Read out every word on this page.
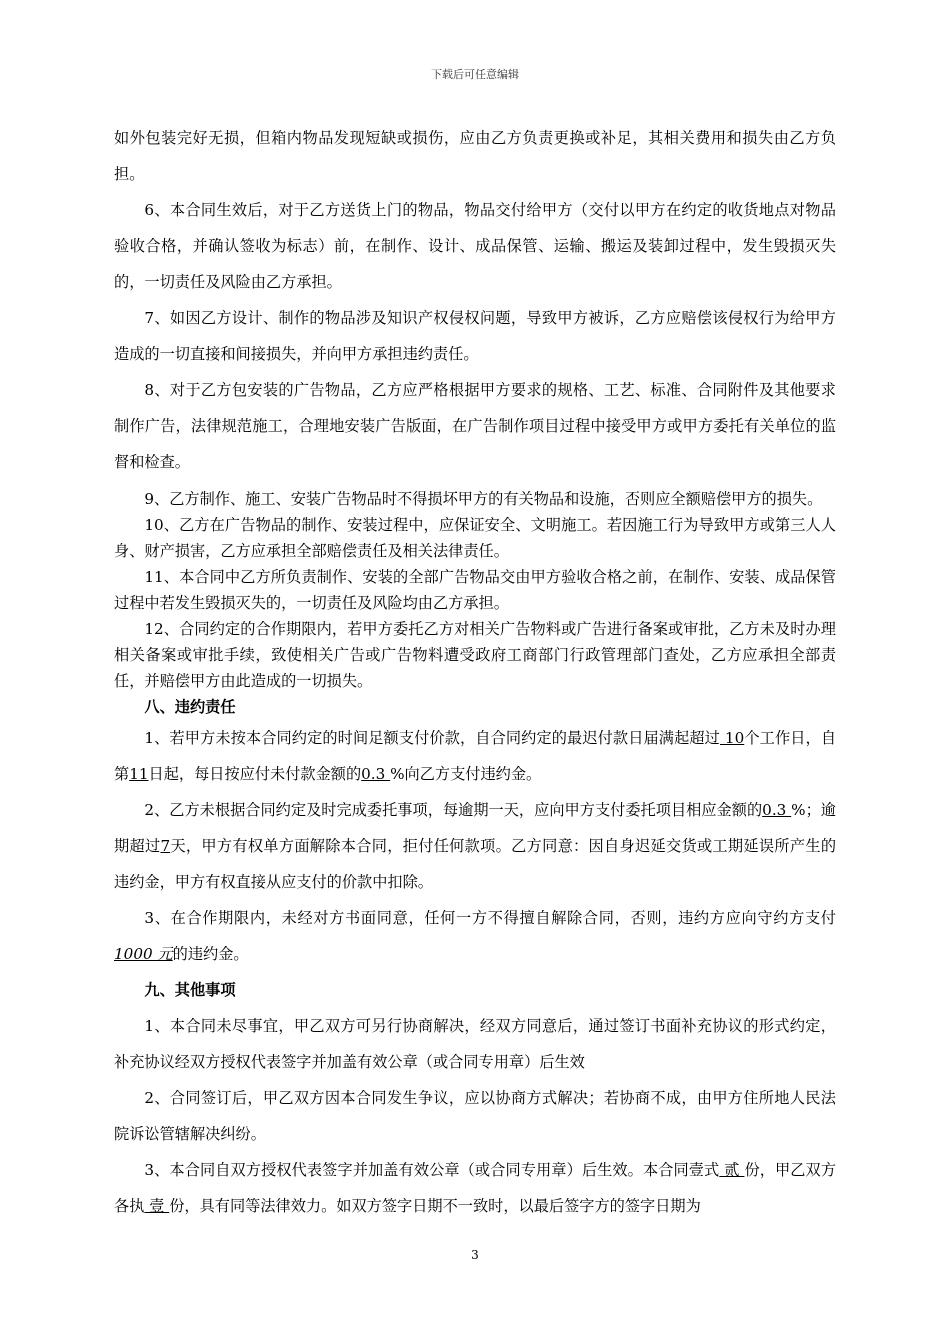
下载后可任意编辑

如外包装完好无损，但箱内物品发现短缺或损伤，应由乙方负责更换或补足，其相关费用和损失由乙方负担。

6、本合同生效后，对于乙方送货上门的物品，物品交付给甲方（交付以甲方在约定的收货地点对物品验收合格，并确认签收为标志）前，在制作、设计、成品保管、运输、搬运及装卸过程中，发生毁损灭失的，一切责任及风险由乙方承担。

7、如因乙方设计、制作的物品涉及知识产权侵权问题，导致甲方被诉，乙方应赔偿该侵权行为给甲方造成的一切直接和间接损失，并向甲方承担违约责任。

8、对于乙方包安装的广告物品，乙方应严格根据甲方要求的规格、工艺、标准、合同附件及其他要求制作广告，法律规范施工，合理地安装广告版面，在广告制作项目过程中接受甲方或甲方委托有关单位的监督和检查。

9、乙方制作、施工、安装广告物品时不得损坏甲方的有关物品和设施，否则应全额赔偿甲方的损失。

10、乙方在广告物品的制作、安装过程中，应保证安全、文明施工。若因施工行为导致甲方或第三人人身、财产损害，乙方应承担全部赔偿责任及相关法律责任。

11、本合同中乙方所负责制作、安装的全部广告物品交由甲方验收合格之前，在制作、安装、成品保管过程中若发生毁损灭失的，一切责任及风险均由乙方承担。

12、合同约定的合作期限内，若甲方委托乙方对相关广告物料或广告进行备案或审批，乙方未及时办理相关备案或审批手续，致使相关广告或广告物料遭受政府工商部门行政管理部门查处，乙方应承担全部责任，并赔偿甲方由此造成的一切损失。

八、违约责任

1、若甲方未按本合同约定的时间足额支付价款，自合同约定的最迟付款日届满起超过 10个工作日，自第11日起，每日按应付未付款金额的0.3 %向乙方支付违约金。

2、乙方未根据合同约定及时完成委托事项，每逾期一天，应向甲方支付委托项目相应金额的0.3 %；逾期超过7天，甲方有权单方面解除本合同，拒付任何款项。乙方同意：因自身迟延交货或工期延误所产生的违约金，甲方有权直接从应支付的价款中扣除。

3、在合作期限内，未经对方书面同意，任何一方不得擅自解除合同，否则，违约方应向守约方支付 1000 元的违约金。

九、其他事项

1、本合同未尽事宜，甲乙双方可另行协商解决，经双方同意后，通过签订书面补充协议的形式约定，补充协议经双方授权代表签字并加盖有效公章（或合同专用章）后生效

2、合同签订后，甲乙双方因本合同发生争议，应以协商方式解决；若协商不成，由甲方住所地人民法院诉讼管辖解决纠纷。

3、本合同自双方授权代表签字并加盖有效公章（或合同专用章）后生效。本合同壹式 贰 份，甲乙双方各执 壹 份，具有同等法律效力。如双方签字日期不一致时，以最后签字方的签字日期为

3
